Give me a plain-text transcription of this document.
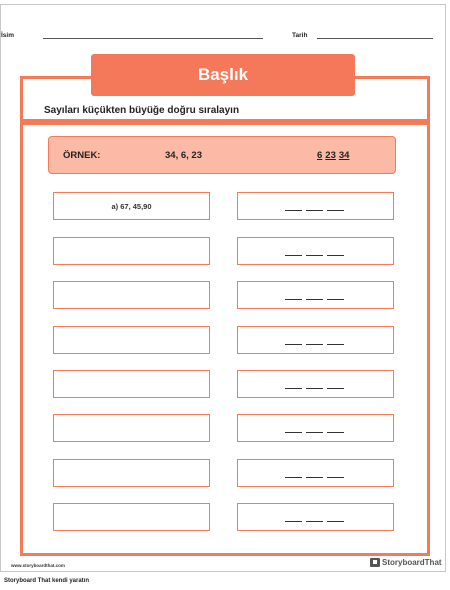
İsim	Tarih
Başlık
Sayıları küçükten büyüğe doğru sıralayın
ÖRNEK:	34, 6, 23	6 23 34
a) 67, 45,90
www.storyboardthat.com	StoryboardThat
Storyboard That kendi yaratın
